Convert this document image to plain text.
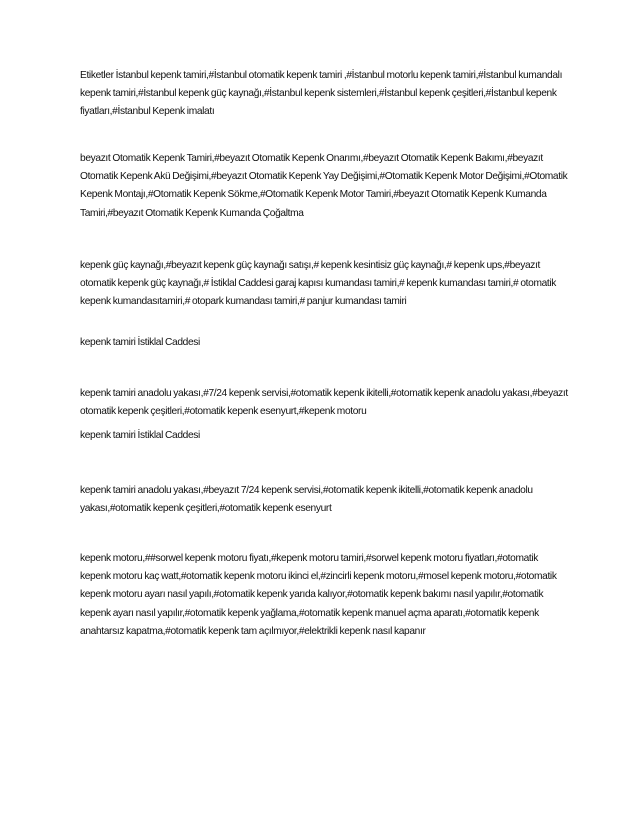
Etiketler İstanbul kepenk tamiri,#İstanbul otomatik kepenk tamiri ,#İstanbul motorlu kepenk tamiri,#İstanbul kumandalı kepenk tamiri,#İstanbul kepenk güç kaynağı,#İstanbul kepenk sistemleri,#İstanbul kepenk çeşitleri,#İstanbul kepenk fiyatları,#İstanbul Kepenk imalatı

beyazıt Otomatik Kepenk Tamiri,#beyazıt Otomatik Kepenk Onarımı,#beyazıt Otomatik Kepenk Bakımı,#beyazıt Otomatik Kepenk Akü Değişimi,#beyazıt Otomatik Kepenk Yay Değişimi,#Otomatik Kepenk Motor Değişimi,#Otomatik Kepenk Montajı,#Otomatik Kepenk Sökme,#Otomatik Kepenk Motor Tamiri,#beyazıt Otomatik Kepenk Kumanda Tamiri,#beyazıt Otomatik Kepenk Kumanda Çoğaltma

kepenk güç kaynağı,#beyazıt kepenk güç kaynağı satışı,# kepenk kesintisiz güç kaynağı,# kepenk ups,#beyazıt otomatik kepenk güç kaynağı,# İstiklal Caddesi garaj kapısı kumandası tamiri,# kepenk kumandası tamiri,# otomatik kepenk kumandasıtamiri,# otopark kumandası tamiri,# panjur kumandası tamiri

kepenk tamiri İstiklal Caddesi

kepenk tamiri anadolu yakası,#7/24 kepenk servisi,#otomatik kepenk ikitelli,#otomatik kepenk anadolu yakası,#beyazıt otomatik kepenk çeşitleri,#otomatik kepenk esenyurt,#kepenk motoru

kepenk tamiri İstiklal Caddesi

kepenk tamiri anadolu yakası,#beyazıt 7/24 kepenk servisi,#otomatik kepenk ikitelli,#otomatik kepenk anadolu yakası,#otomatik kepenk çeşitleri,#otomatik kepenk esenyurt

kepenk motoru,##sorwel kepenk motoru fiyatı,#kepenk motoru tamiri,#sorwel kepenk motoru fiyatları,#otomatik kepenk motoru kaç watt,#otomatik kepenk motoru ikinci el,#zincirli kepenk motoru,#mosel kepenk motoru,#otomatik kepenk motoru ayarı nasıl yapılı,#otomatik kepenk yarıda kalıyor,#otomatik kepenk bakımı nasıl yapılır,#otomatik kepenk ayarı nasıl yapılır,#otomatik kepenk yağlama,#otomatik kepenk manuel açma aparatı,#otomatik kepenk anahtarsız kapatma,#otomatik kepenk tam açılmıyor,#elektrikli kepenk nasıl kapanır
